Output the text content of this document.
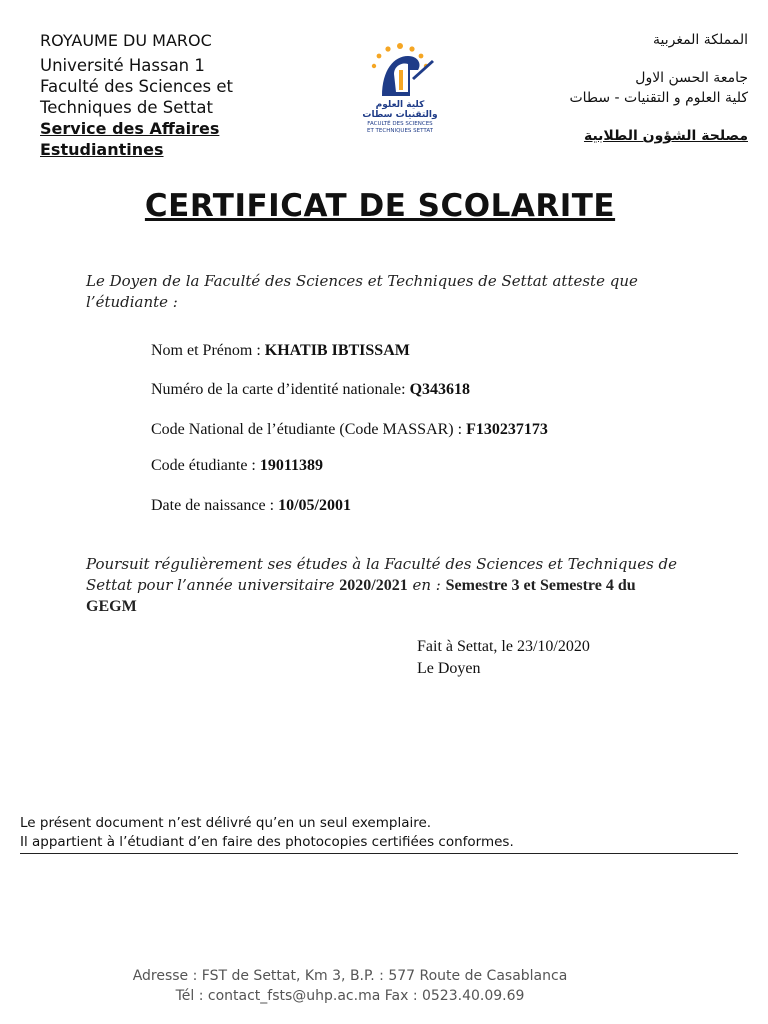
ROYAUME DU MAROC
Université Hassan 1
Faculté des Sciences et
Techniques de Settat
Service des Affaires
Estudiantines
كلية العلوم
والتقنيات سطات
FACULTÉ DES SCIENCES
ET TECHNIQUES SETTAT
المملكة المغربية
جامعة الحسن الاول
كلية العلوم و التقنيات - سطات
مصلحة الشؤون الطلابية
CERTIFICAT DE SCOLARITE
Le Doyen de la Faculté des Sciences et Techniques de Settat atteste que l’étudiante :
Nom et Prénom : KHATIB IBTISSAM
Numéro de la carte d’identité nationale: Q343618
Code National de l’étudiante (Code MASSAR) : F130237173
Code étudiante : 19011389
Date de naissance : 10/05/2001
Poursuit régulièrement ses études à la Faculté des Sciences et Techniques de Settat pour l’année universitaire 2020/2021 en : Semestre 3 et Semestre 4 du GEGM
Fait à Settat, le 23/10/2020
Le Doyen
Le présent document n’est délivré qu’en un seul exemplaire.
Il appartient à l’étudiant d’en faire des photocopies certifiées conformes.
Adresse : FST de Settat, Km 3, B.P. : 577 Route de Casablanca
Tél : contact_fsts@uhp.ac.ma Fax : 0523.40.09.69
